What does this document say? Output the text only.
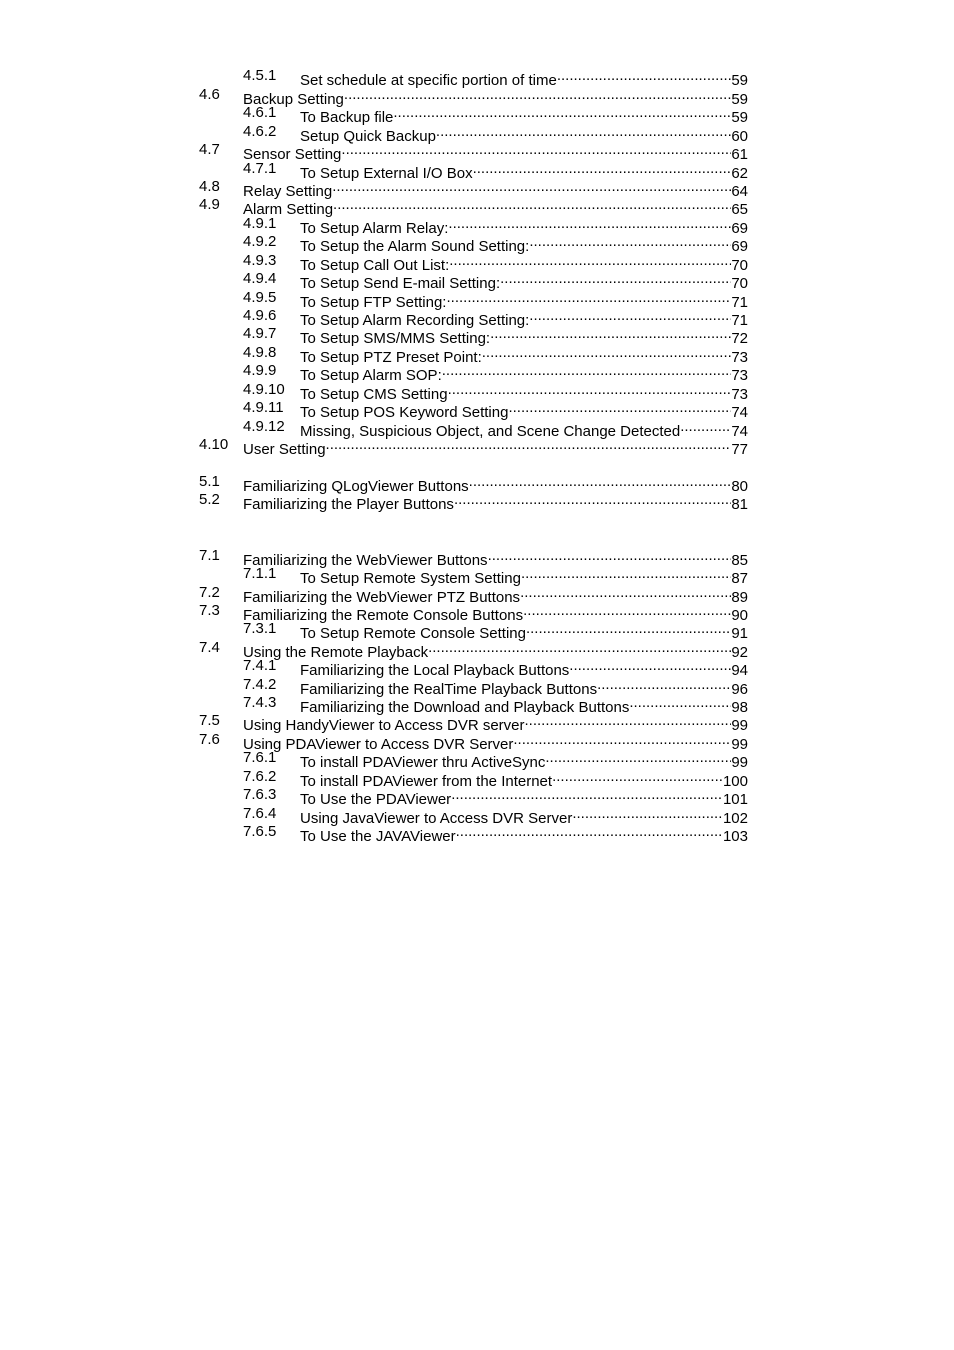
4.5.1 Set schedule at specific portion of time .....	59
4.6 Backup Setting .....	59
4.6.1 To Backup file .....	59
4.6.2 Setup Quick Backup .....	60
4.7 Sensor Setting .....	61
4.7.1 To Setup External I/O Box .....	62
4.8 Relay Setting .....	64
4.9 Alarm Setting .....	65
4.9.1 To Setup Alarm Relay: .....	69
4.9.2 To Setup the Alarm Sound Setting: .....	69
4.9.3 To Setup Call Out List: .....	70
4.9.4 To Setup Send E-mail Setting: .....	70
4.9.5 To Setup FTP Setting: .....	71
4.9.6 To Setup Alarm Recording Setting: .....	71
4.9.7 To Setup SMS/MMS Setting: .....	72
4.9.8 To Setup PTZ Preset Point: .....	73
4.9.9 To Setup Alarm SOP: .....	73
4.9.10 To Setup CMS Setting .....	73
4.9.11 To Setup POS Keyword Setting .....	74
4.9.12 Missing, Suspicious Object, and Scene Change Detected .....	74
4.10 User Setting .....	77
5.1 Familiarizing QLogViewer Buttons .....	80
5.2 Familiarizing the Player Buttons .....	81
7.1 Familiarizing the WebViewer Buttons .....	85
7.1.1 To Setup Remote System Setting .....	87
7.2 Familiarizing the WebViewer PTZ Buttons .....	89
7.3 Familiarizing the Remote Console Buttons .....	90
7.3.1 To Setup Remote Console Setting .....	91
7.4 Using the Remote Playback .....	92
7.4.1 Familiarizing the Local Playback Buttons .....	94
7.4.2 Familiarizing the RealTime Playback Buttons .....	96
7.4.3 Familiarizing the Download and Playback Buttons .....	98
7.5 Using HandyViewer to Access DVR server .....	99
7.6 Using PDAViewer to Access DVR Server .....	99
7.6.1 To install PDAViewer thru ActiveSync .....	99
7.6.2 To install PDAViewer from the Internet .....	100
7.6.3 To Use the PDAViewer .....	101
7.6.4 Using JavaViewer to Access DVR Server .....	102
7.6.5 To Use the JAVAViewer .....	103
